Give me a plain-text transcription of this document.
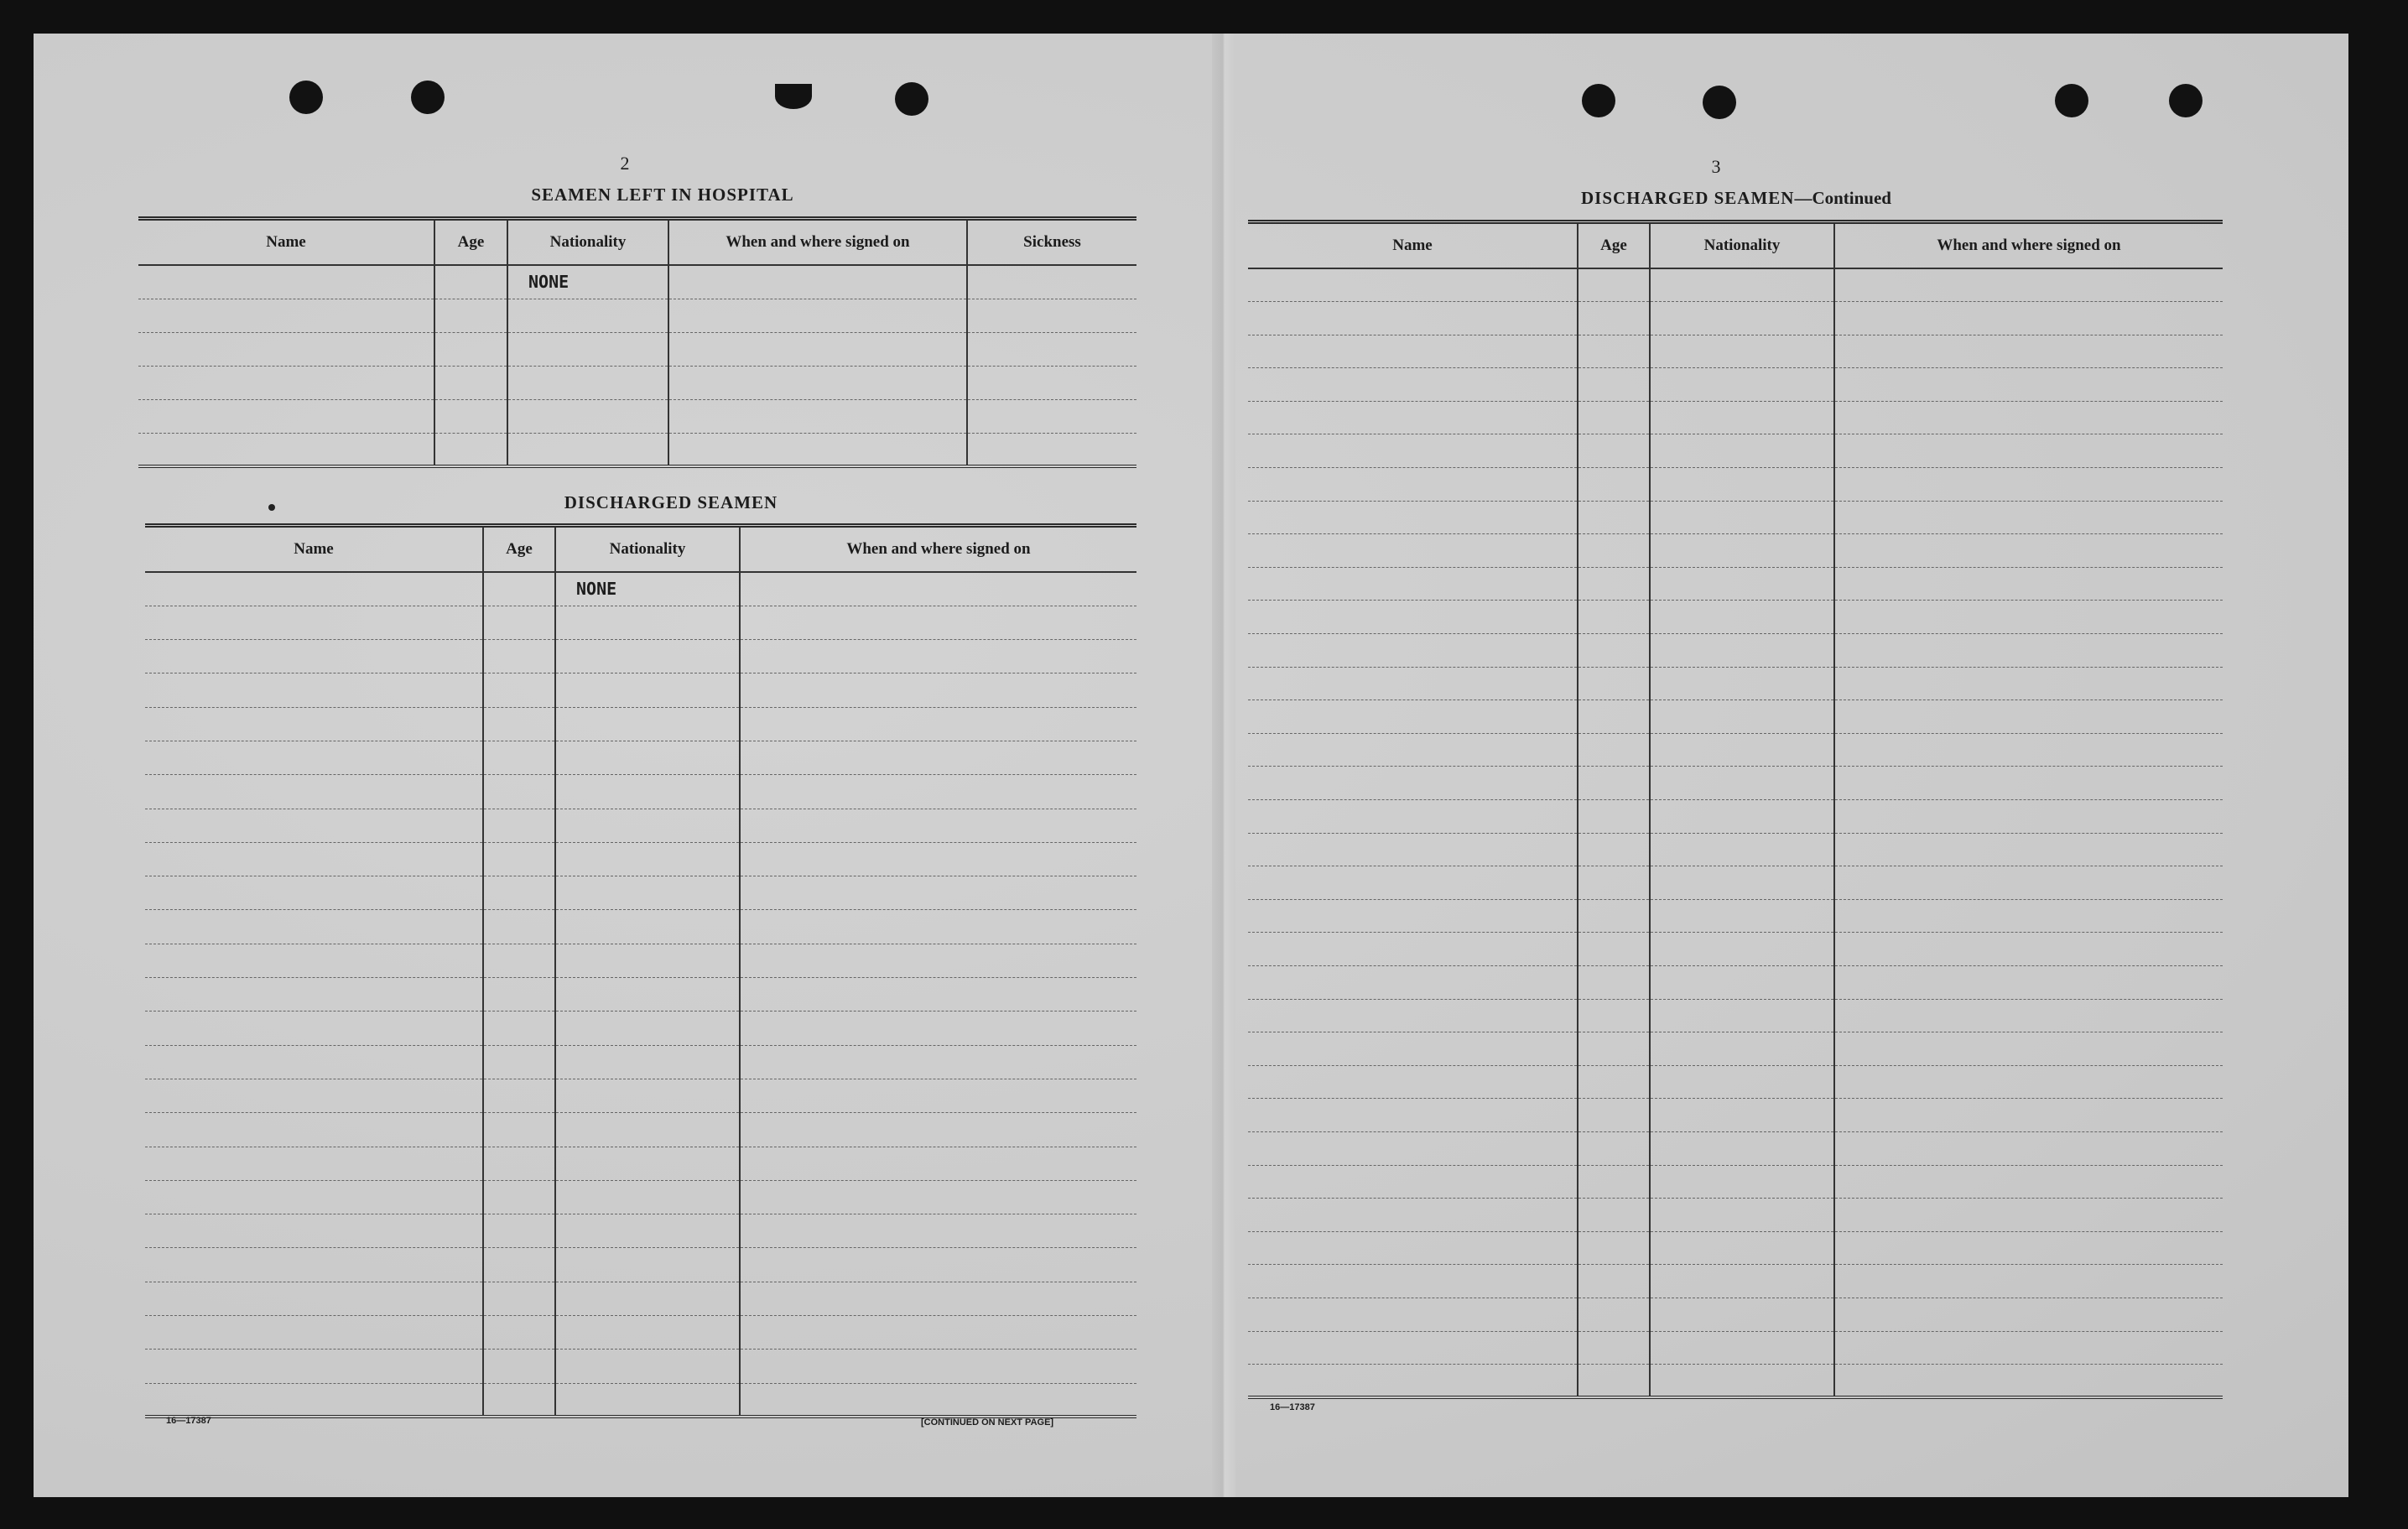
2
SEAMEN LEFT IN HOSPITAL
Name	Age	Nationality	When and where signed on	Sickness
		NONE		

DISCHARGED SEAMEN
Name	Age	Nationality	When and where signed on
		NONE	

16—17387	[CONTINUED ON NEXT PAGE]
3
DISCHARGED SEAMEN—Continued
Name	Age	Nationality	When and where signed on

16—17387
